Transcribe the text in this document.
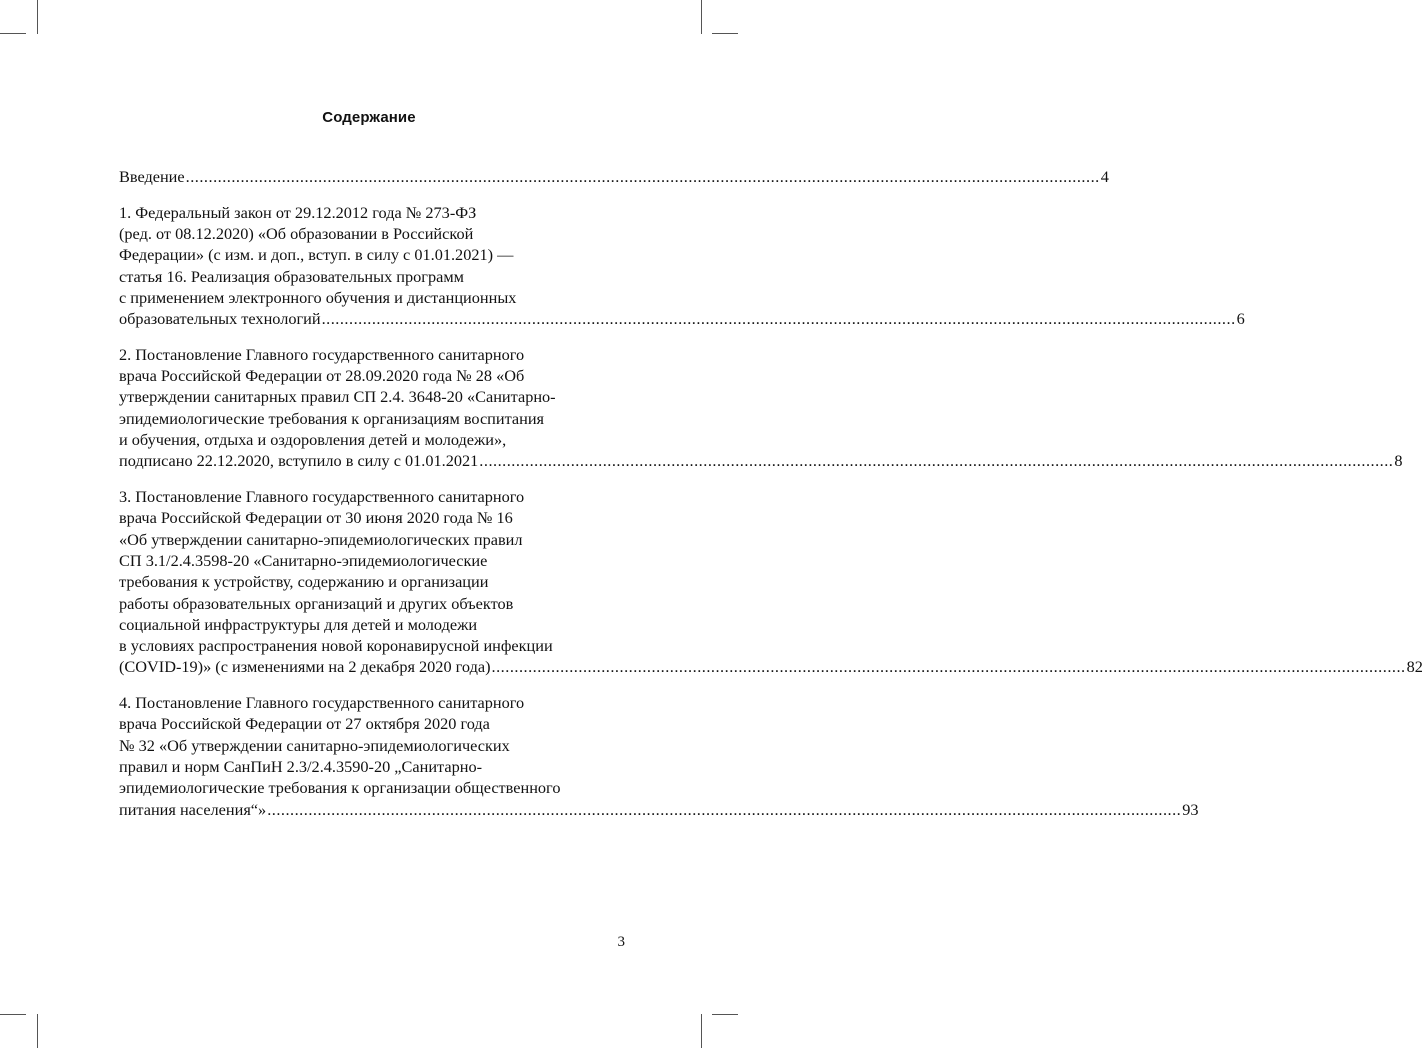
Содержание
Введение ........................................................................................................................................................................................................ 4
1. Федеральный закон от 29.12.2012 года № 273-ФЗ
(ред. от 08.12.2020) «Об образовании в Российской
Федерации» (с изм. и доп., вступ. в силу с 01.01.2021) —
статья 16. Реализация образовательных программ
с применением электронного обучения и дистанционных
образовательных технологий ........................................................................................................................................................................................................ 6
2. Постановление Главного государственного санитарного
врача Российской Федерации от 28.09.2020 года № 28 «Об
утверждении санитарных правил СП 2.4. 3648-20 «Санитарно-
эпидемиологические требования к организациям воспитания
и обучения, отдыха и оздоровления детей и молодежи»,
подписано 22.12.2020, вступило в силу с 01.01.2021 ........................................................................................................................................................................................................ 8
3. Постановление Главного государственного санитарного
врача Российской Федерации от 30 июня 2020 года № 16
«Об утверждении санитарно-эпидемиологических правил
СП 3.1/2.4.3598-20 «Санитарно-эпидемиологические
требования к устройству, содержанию и организации
работы образовательных организаций и других объектов
социальной инфраструктуры для детей и молодежи
в условиях распространения новой коронавирусной инфекции
(COVID-19)» (с изменениями на 2 декабря 2020 года) ........................................................................................................................................................................................................ 82
4. Постановление Главного государственного санитарного
врача Российской Федерации от 27 октября 2020 года
№ 32 «Об утверждении санитарно-эпидемиологических
правил и норм СанПиН 2.3/2.4.3590-20 „Санитарно-
эпидемиологические требования к организации общественного
питания населения“» ........................................................................................................................................................................................................ 93
3
